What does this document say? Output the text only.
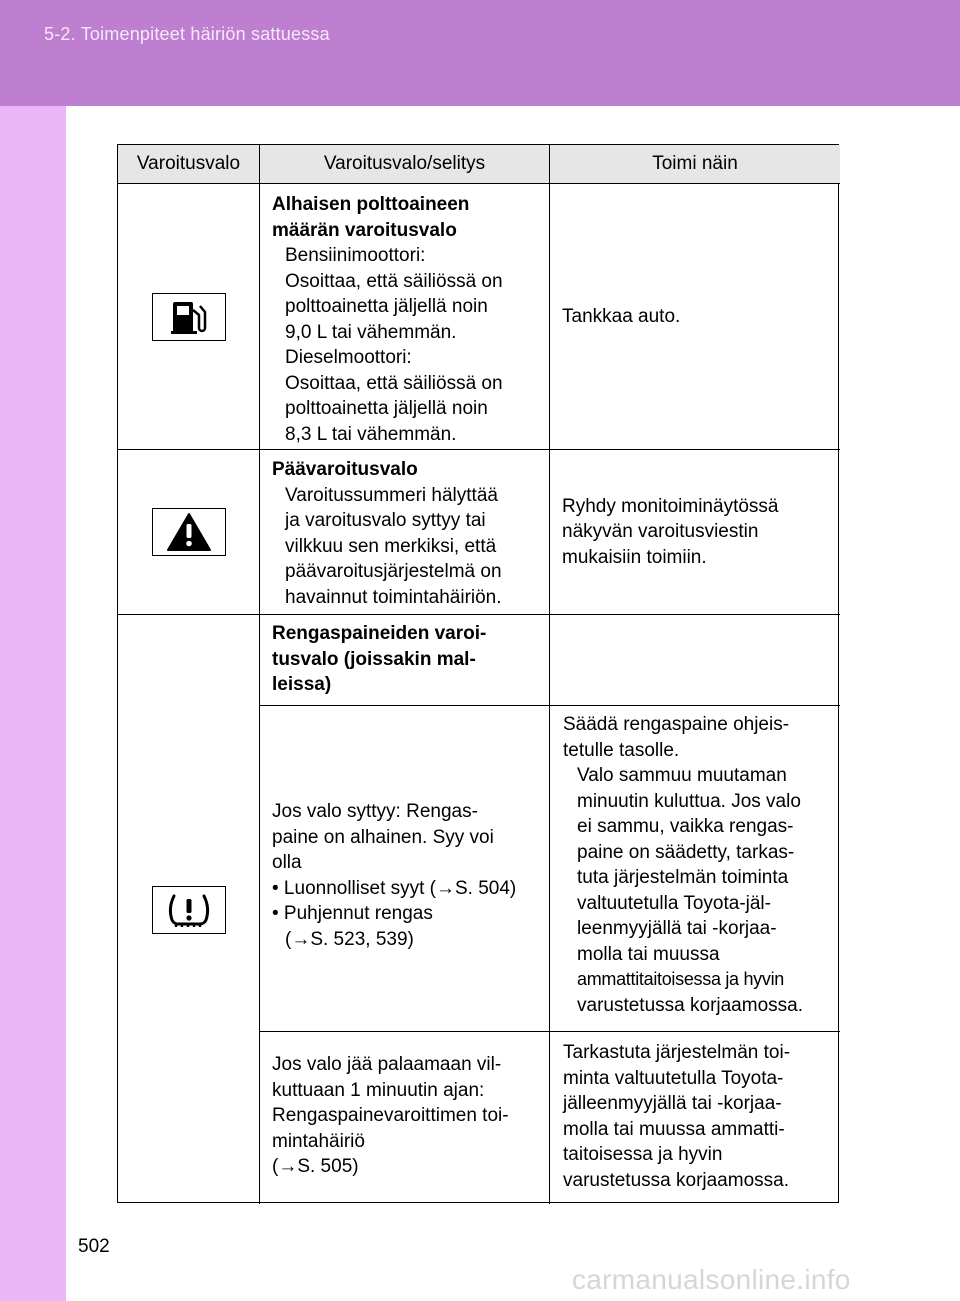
5-2. Toimenpiteet häiriön sattuessa
Varoitusvalo	Varoitusvalo/selitys	Toimi näin
Alhaisen polttoaineen
määrän varoitusvalo
Bensiinimoottori:
Osoittaa, että säiliössä on
polttoainetta jäljellä noin
9,0 L tai vähemmän.
Dieselmoottori:
Osoittaa, että säiliössä on
polttoainetta jäljellä noin
8,3 L tai vähemmän.
Tankkaa auto.
Päävaroitusvalo
Varoitussummeri hälyttää
ja varoitusvalo syttyy tai
vilkkuu sen merkiksi, että
päävaroitusjärjestelmä on
havainnut toimintahäiriön.
Ryhdy monitoiminäytössä
näkyvän varoitusviestin
mukaisiin toimiin.
Rengaspaineiden varoi-
tusvalo (joissakin mal-
leissa)
Jos valo syttyy: Rengas-
paine on alhainen. Syy voi
olla
• Luonnolliset syyt (→S. 504)
• Puhjennut rengas
(→S. 523, 539)
Säädä rengaspaine ohjeis-
tetulle tasolle.
Valo sammuu muutaman
minuutin kuluttua. Jos valo
ei sammu, vaikka rengas-
paine on säädetty, tarkas-
tuta järjestelmän toiminta
valtuutetulla Toyota-jäl-
leenmyyjällä tai -korjaa-
molla tai muussa
ammattitaitoisessa ja hyvin
varustetussa korjaamossa.
Jos valo jää palaamaan vil-
kuttuaan 1 minuutin ajan:
Rengaspainevaroittimen toi-
mintahäiriö
(→S. 505)
Tarkastuta järjestelmän toi-
minta valtuutetulla Toyota-
jälleenmyyjällä tai -korjaa-
molla tai muussa ammatti-
taitoisessa ja hyvin
varustetussa korjaamossa.
502
carmanualsonline.info
